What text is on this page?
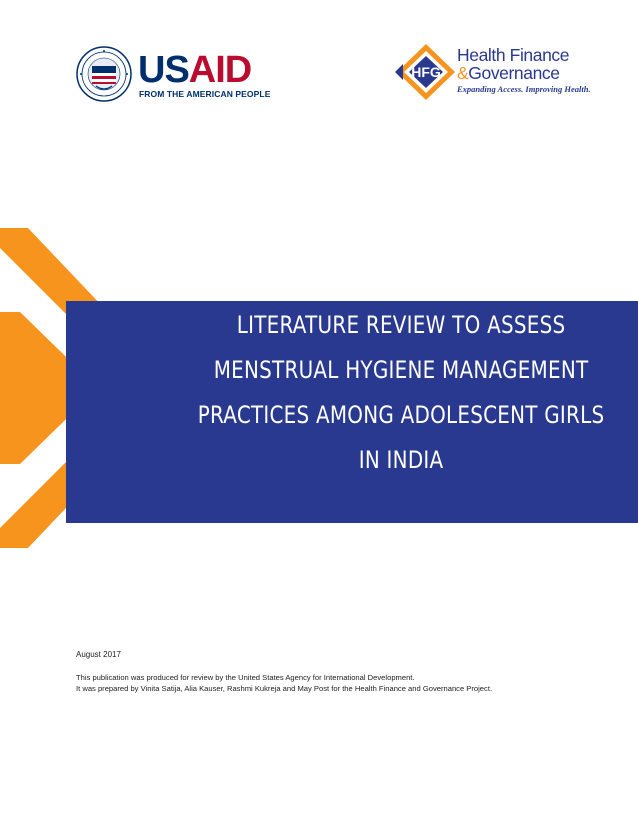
USAID
FROM THE AMERICAN PEOPLE
HFG
Health Finance
&Governance
Expanding Access. Improving Health.
LITERATURE REVIEW TO ASSESS
MENSTRUAL HYGIENE MANAGEMENT
PRACTICES AMONG ADOLESCENT GIRLS
IN INDIA
August 2017
This publication was produced for review by the United States Agency for International Development.
It was prepared by Vinita Satija, Alia Kauser, Rashmi Kukreja and May Post for the Health Finance and Governance Project.
